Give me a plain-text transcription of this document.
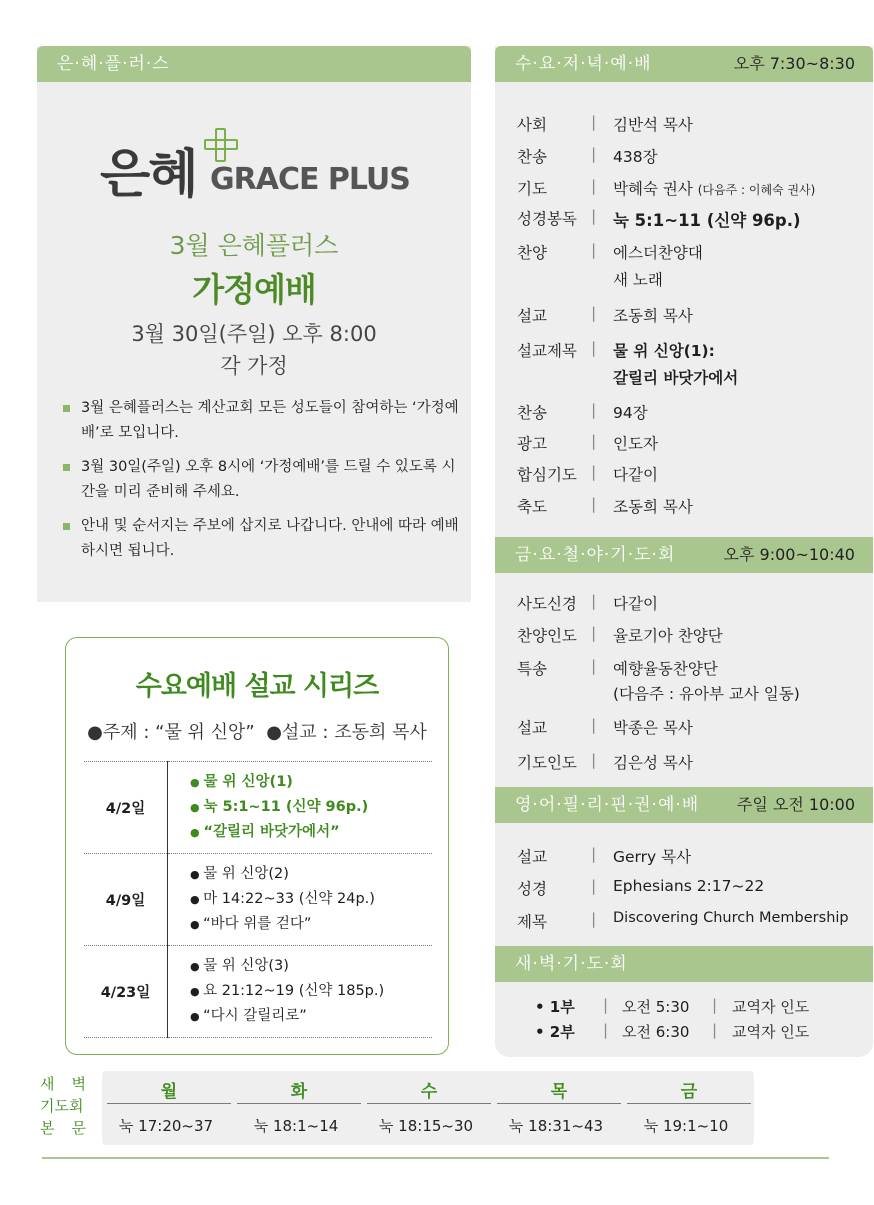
은·혜·플·러·스
은혜 GRACE PLUS
3월 은혜플러스
가정예배
3월 30일(주일) 오후 8:00
각 가정
3월 은혜플러스는 계산교회 모든 성도들이 참여하는 ‘가정예배’로 모입니다.
3월 30일(주일) 오후 8시에 ‘가정예배’를 드릴 수 있도록 시간을 미리 준비해 주세요.
안내 및 순서지는 주보에 삽지로 나갑니다. 안내에 따라 예배하시면 됩니다.
수요예배 설교 시리즈
●주제 : “물 위 신앙”  ●설교 : 조동희 목사
4/2일	● 물 위 신앙(1)
● 눅 5:1~11 (신약 96p.)
● “갈릴리 바닷가에서”

4/9일	● 물 위 신앙(2)
● 마 14:22~33 (신약 24p.)
● “바다 위를 걷다”

4/23일	● 물 위 신앙(3)
● 요 21:12~19 (신약 185p.)
● “다시 갈릴리로”
수·요·저·녁·예·배	오후 7:30~8:30
사회	| 김반석 목사
찬송	| 438장
기도	| 박혜숙 권사 (다음주 : 이혜숙 권사)
성경봉독 | 눅 5:1~11 (신약 96p.)
찬양	| 에스더찬양대
새 노래
설교	| 조동희 목사
설교제목 | 물 위 신앙(1):
갈릴리 바닷가에서
찬송	| 94장
광고	| 인도자
합심기도 | 다같이
축도	| 조동희 목사
금·요·철·야·기·도·회	오후 9:00~10:40
사도신경 | 다같이
찬양인도 | 율로기아 찬양단
특송	| 예향율동찬양단
(다음주 : 유아부 교사 일동)
설교	| 박종은 목사
기도인도 | 김은성 목사
영·어·필·리·핀·권·예·배 주일 오전 10:00
설교	| Gerry 목사
성경	| Ephesians 2:17~22
제목	| Discovering Church Membership
새·벽·기·도·회
• 1부 | 오전 5:30 | 교역자 인도
• 2부 | 오전 6:30 | 교역자 인도
새 벽
기도회
본 문
월	화	수	목	금
눅 17:20~37	눅 18:1~14	눅 18:15~30	눅 18:31~43	눅 19:1~10
